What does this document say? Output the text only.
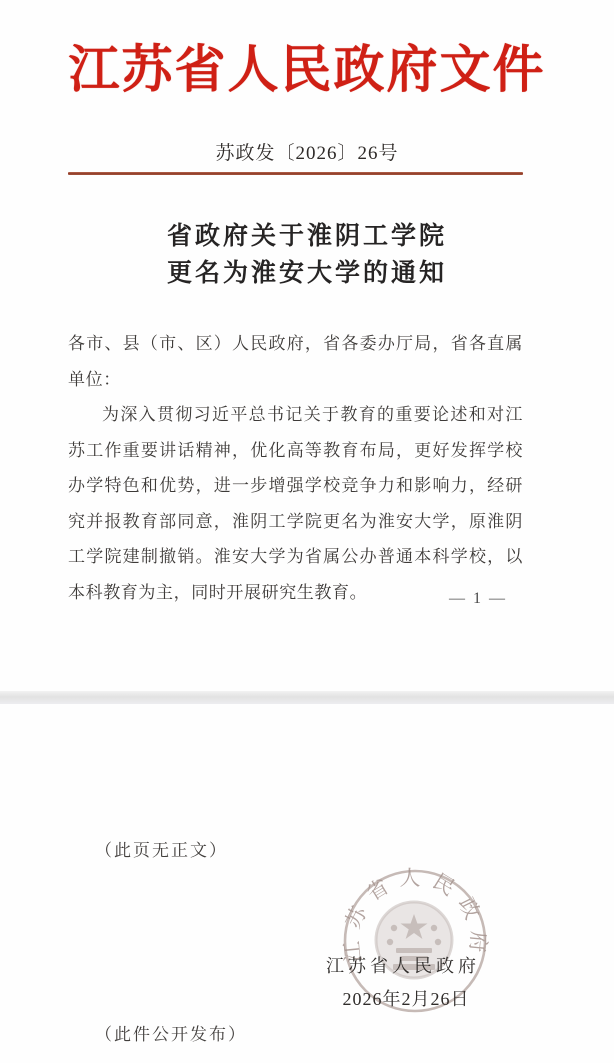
江苏省人民政府文件
苏政发〔2026〕26号
省政府关于淮阴工学院
更名为淮安大学的通知

各市、县（市、区）人民政府，省各委办厅局，省各直属单位：

为深入贯彻习近平总书记关于教育的重要论述和对江苏工作重要讲话精神，优化高等教育布局，更好发挥学校办学特色和优势，进一步增强学校竞争力和影响力，经研究并报教育部同意，淮阴工学院更名为淮安大学，原淮阴工学院建制撤销。淮安大学为省属公办普通本科学校，以本科教育为主，同时开展研究生教育。	— 1 —
（此页无正文）
江苏省人民政府
江苏省人民政府
2026年2月26日
（此件公开发布）
